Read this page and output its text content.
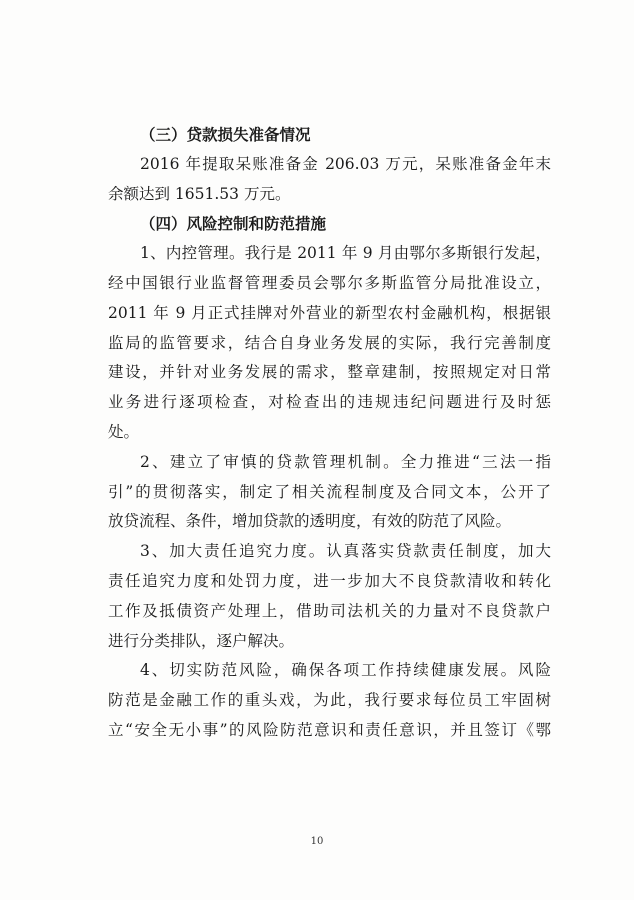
（三）贷款损失准备情况
2016 年提取呆账准备金 206.03 万元，呆账准备金年末
余额达到 1651.53 万元。
（四）风险控制和防范措施
1、内控管理。我行是 2011 年 9 月由鄂尔多斯银行发起，
经中国银行业监督管理委员会鄂尔多斯监管分局批准设立，
2011 年 9 月正式挂牌对外营业的新型农村金融机构，根据银
监局的监管要求，结合自身业务发展的实际，我行完善制度
建设，并针对业务发展的需求，整章建制，按照规定对日常
业务进行逐项检查，对检查出的违规违纪问题进行及时惩
处。
2、建立了审慎的贷款管理机制。全力推进“三法一指
引”的贯彻落实，制定了相关流程制度及合同文本，公开了
放贷流程、条件，增加贷款的透明度，有效的防范了风险。
3、加大责任追究力度。认真落实贷款责任制度，加大
责任追究力度和处罚力度，进一步加大不良贷款清收和转化
工作及抵债资产处理上，借助司法机关的力量对不良贷款户
进行分类排队，逐户解决。
4、切实防范风险，确保各项工作持续健康发展。风险
防范是金融工作的重头戏，为此，我行要求每位员工牢固树
立“安全无小事”的风险防范意识和责任意识，并且签订《鄂
10
